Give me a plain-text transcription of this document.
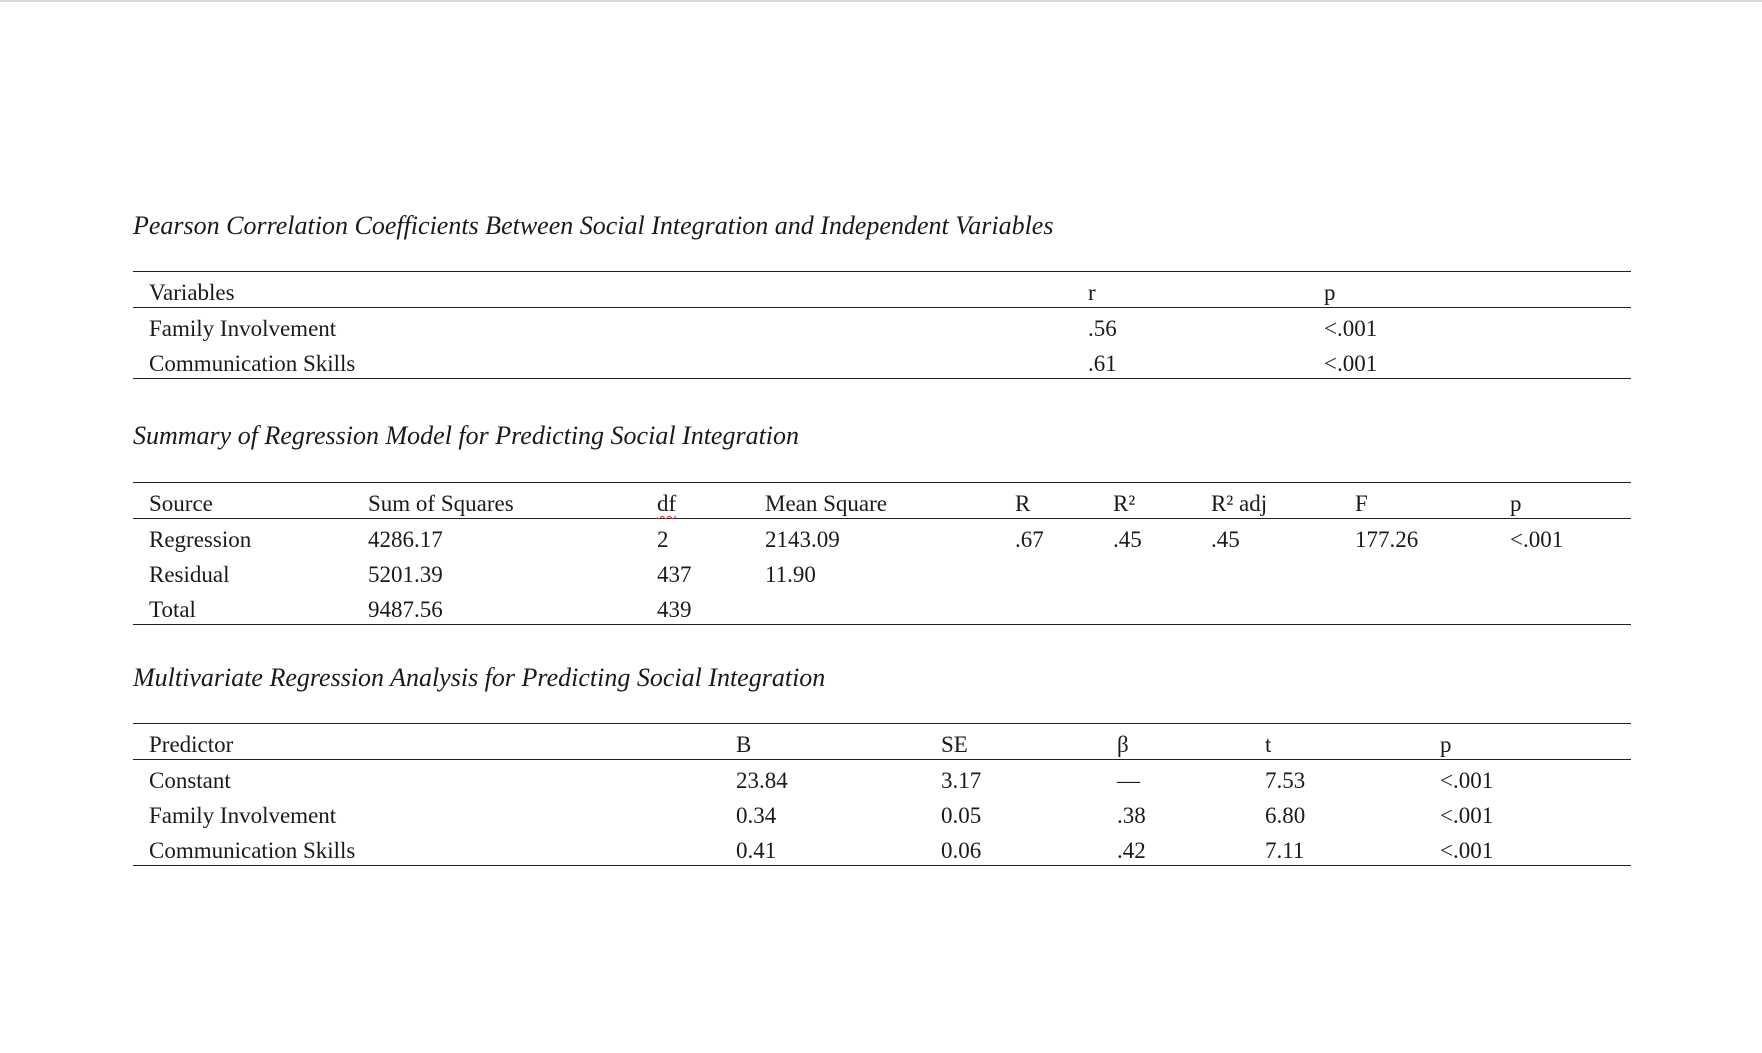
Pearson Correlation Coefficients Between Social Integration and Independent Variables

Variables	r	p
Family Involvement	.56	<.001
Communication Skills	.61	<.001

Summary of Regression Model for Predicting Social Integration

Source	Sum of Squares	df	Mean Square	R	R²	R² adj	F	p
Regression	4286.17	2	2143.09	.67	.45	.45	177.26	<.001
Residual	5201.39	437	11.90					
Total	9487.56	439						

Multivariate Regression Analysis for Predicting Social Integration

Predictor	B	SE	β	t	p
Constant	23.84	3.17	—	7.53	<.001
Family Involvement	0.34	0.05	.38	6.80	<.001
Communication Skills	0.41	0.06	.42	7.11	<.001
